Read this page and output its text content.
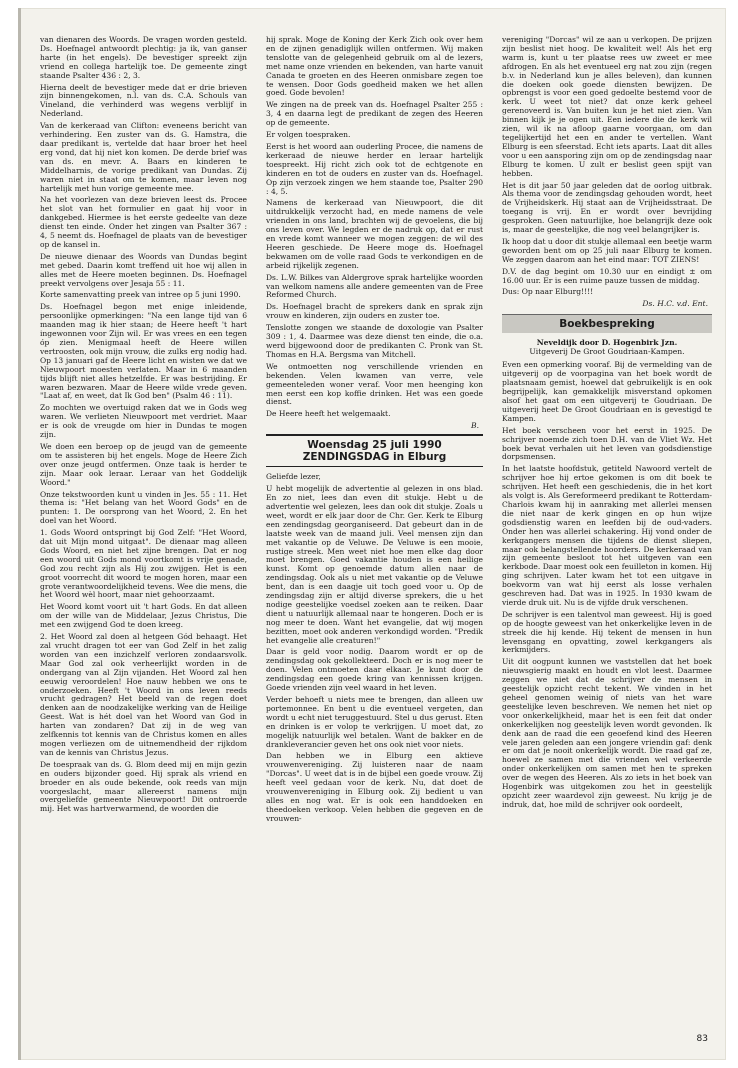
van dienaren des Woords. De vragen worden gesteld. Ds. Hoefnagel antwoordt plechtig: ja ik, van ganser harte (in het engels). De bevestiger spreekt zijn vriend en collega hartelijk toe. De gemeente zingt staande Psalter 436 : 2, 3.

Hierna deelt de bevestiger mede dat er drie brieven zijn binnengekomen, n.l. van ds. C.A. Schouls van Vineland, die verhinderd was wegens verblijf in Nederland.

Van de kerkeraad van Clifton: eveneens bericht van verhindering. Een zuster van ds. G. Hamstra, die daar predikant is, vertelde dat haar broer het heel erg vond, dat hij niet kon komen. De derde brief was van ds. en mevr. A. Baars en kinderen te Middelharnis, de vorige predikant van Dundas. Zij waren niet in staat om te komen, maar leven nog hartelijk met hun vorige gemeente mee.

Na het voorlezen van deze brieven leest ds. Procee het slot van het formulier en gaat hij voor in dankgebed. Hiermee is het eerste gedeelte van deze dienst ten einde. Onder het zingen van Psalter 367 : 4, 5 neemt ds. Hoefnagel de plaats van de bevestiger op de kansel in.

De nieuwe dienaar des Woords van Dundas begint met gebed. Daarin komt treffend uit hoe wij allen in alles met de Heere moeten beginnen. Ds. Hoefnagel preekt vervolgens over Jesaja 55 : 11.

Korte samenvatting preek van intree op 5 juni 1990.

Ds. Hoefnagel begon met enige inleidende, persoonlijke opmerkingen: "Na een lange tijd van 6 maanden mag ik hier staan; de Heere heeft 't hart ingewonnen voor Zijn wil. Er was vrees en een tegen óp zien. Menigmaal heeft de Heere willen vertroosten, ook mijn vrouw, die zulks erg nodig had. Op 13 januari gaf de Heere licht en wisten we dat we Nieuwpoort moesten verlaten. Maar in 6 maanden tijds blijft niet alles hetzelfde. Er was bestrijding. Er waren bezwaren. Maar de Heere wilde vrede geven. "Laat af, en weet, dat Ik God ben" (Psalm 46 : 11).

Zo mochten we overtuigd raken dat we in Gods weg waren. We verlieten Nieuwpoort met verdriet. Maar er is ook de vreugde om hier in Dundas te mogen zijn.

We doen een beroep op de jeugd van de gemeente om te assisteren bij het engels. Moge de Heere Zich over onze jeugd ontfermen. Onze taak is herder te zijn. Maar ook leraar. Leraar van het Goddelijk Woord."

Onze tekstwoorden kunt u vinden in Jes. 55 : 11. Het thema is: "Het belang van het Woord Gods" en de punten: 1. De oorsprong van het Woord, 2. En het doel van het Woord.

1. Gods Woord ontspringt bij God Zelf: "Het Woord, dat uit Mijn mond uitgaat". De dienaar mag alleen Gods Woord, en niet het zijne brengen. Dat er nog een woord uit Gods mond voortkomt is vrije genade, God zou recht zijn als Hij zou zwijgen. Het is een groot voorrecht dit woord te mogen horen, maar een grote verantwoordelijkheid tevens. Wee die mens, die het Woord wèl hoort, maar niet gehoorzaamt.

Het Woord komt voort uit 't hart Gods. En dat alleen om der wille van de Middelaar, Jezus Christus, Die met een zwijgend God te doen kreeg.

2. Het Woord zal doen al hetgeen Gód behaagt. Het zal vrucht dragen tot eer van God Zelf in het zalig worden van een inzichzelf verloren zondaarsvolk. Maar God zal ook verheerlijkt worden in de ondergang van al Zijn vijanden. Het Woord zal hen eeuwig veroordelen! Hoe nauw hebben we ons te onderzoeken. Heeft 't Woord in ons leven reeds vrucht gedragen? Het beeld van de regen doet denken aan de noodzakelijke werking van de Heilige Geest. Wat is hét doel van het Woord van God in harten van zondaren? Dat zij in de weg van zelfkennis tot kennis van de Christus komen en alles mogen verliezen om de uitnemendheid der rijkdom van de kennis van Christus Jezus.

De toespraak van ds. G. Blom deed mij en mijn gezin en ouders bijzonder goed. Hij sprak als vriend en broeder en als oude bekende, ook reeds van mijn voorgeslacht, maar allereerst namens mijn overgeliefde gemeente Nieuwpoort! Dit ontroerde mij. Het was hartverwarmend, de woorden die

hij sprak. Moge de Koning der Kerk Zich ook over hem en de zijnen genadiglijk willen ontfermen. Wij maken tenslotte van de gelegenheid gebruik om al de lezers, met name onze vrienden en bekenden, van harte vanuit Canada te groeten en des Heeren onmisbare zegen toe te wensen. Door Gods goedheid maken we het allen goed. Gode bevolen!

We zingen na de preek van ds. Hoefnagel Psalter 255 : 3, 4 en daarna legt de predikant de zegen des Heeren op de gemeente.

Er volgen toespraken.

Eerst is het woord aan ouderling Procee, die namens de kerkeraad de nieuwe herder en leraar hartelijk toespreekt. Hij richt zich ook tot de echtgenote en kinderen en tot de ouders en zuster van ds. Hoefnagel. Op zijn verzoek zingen we hem staande toe, Psalter 290 : 4, 5.

Namens de kerkeraad van Nieuwpoort, die dit uitdrukkelijk verzocht had, en mede namens de vele vrienden in ons land, brachten wij de gevoelens, die bij ons leven over. We legden er de nadruk op, dat er rust en vrede komt wanneer we mogen zeggen: de wil des Heeren geschiede. De Heere moge ds. Hoefnagel bekwamen om de volle raad Gods te verkondigen en de arbeid rijkelijk zegenen.

Ds. L.W. Bilkes van Aldergrove sprak hartelijke woorden van welkom namens alle andere gemeenten van de Free Reformed Church.

Ds. Hoefnagel bracht de sprekers dank en sprak zijn vrouw en kinderen, zijn ouders en zuster toe.

Tenslotte zongen we staande de doxologie van Psalter 309 : 1, 4. Daarmee was deze dienst ten einde, die o.a. werd bijgewoond door de predikanten C. Pronk van St. Thomas en H.A. Bergsma van Mitchell.

We ontmoetten nog verschillende vrienden en bekenden. Velen kwamen van verre, vele gemeenteleden woner veraf. Voor men heenging kon men eerst een kop koffie drinken. Het was een goede dienst.

De Heere heeft het welgemaakt.

B.
Woensdag 25 juli 1990
ZENDINGSDAG in Elburg

Geliefde lezer,

U hebt mogelijk de advertentie al gelezen in ons blad. En zo niet, lees dan even dit stukje. Hebt u de advertentie wel gelezen, lees dan ook dit stukje. Zoals u weet, wordt er elk jaar door de Chr. Ger. Kerk te Elburg een zendingsdag georganiseerd. Dat gebeurt dan in de laatste week van de maand juli. Veel mensen zijn dan met vakantie op de Veluwe. De Veluwe is een mooie, rustige streek. Men weet niet hoe men elke dag door moet brengen. Goed vakantie houden is een heilige kunst. Komt op genoemde datum allen naar de zendingsdag. Ook als u niet met vakantie op de Veluwe bent, dan is een daagje uit toch goed voor u. Op de zendingsdag zijn er altijd diverse sprekers, die u het nodige geestelijke voedsel zoeken aan te reiken. Daar dient u natuurlijk allemaal naar te hongeren. Doch er is nog meer te doen. Want het evangelie, dat wij mogen bezitten, moet ook anderen verkondigd worden. "Predik het evangelie alle creaturen!"

Daar is geld voor nodig. Daarom wordt er op de zendingsdag ook gekollekteerd. Doch er is nog meer te doen. Velen ontmoeten daar elkaar. Je kunt door de zendingsdag een goede kring van kennissen krijgen. Goede vrienden zijn veel waard in het leven.

Verder behoeft u niets mee te brengen, dan alleen uw portemonnee. En bent u die eventueel vergeten, dan wordt u echt niet teruggestuurd. Stel u dus gerust. Eten en drinken is er volop te verkrijgen. U moet dat, zo mogelijk natuurlijk wel betalen. Want de bakker en de drankleverancier geven het ons ook niet voor niets.

Dan hebben we in Elburg een aktieve vrouwenvereniging. Zij luisteren naar de naam "Dorcas". U weet dat is in de bijbel een goede vrouw. Zij heeft veel gedaan voor de kerk. Nu, dat doet de vrouwenvereniging in Elburg ook. Zij bedient u van alles en nog wat. Er is ook een handdoeken en theedoeken verkoop. Velen hebben die gegeven en de vrouwen-

vereniging "Dorcas" wil ze aan u verkopen. De prijzen zijn beslist niet hoog. De kwaliteit wel! Als het erg warm is, kunt u ter plaatse rees uw zweet er mee afdrogen. En als het eventueel erg nat zou zijn (regen b.v. in Nederland kun je alles beleven), dan kunnen die doeken ook goede diensten bewijzen. De opbrengst is voor een goed gedoelte bestemd voor de kerk. U weet tot niet? dat onze kerk geheel gerenoveerd is. Van buiten kun je het niet zien. Van binnen kijk je je ogen uit. Een iedere die de kerk wil zien, wil ik na afloop gaarne voorgaan, om dan tegelijkertijd het een en ander te vertellen. Want Elburg is een sfeerstad. Echt iets aparts. Laat dit alles voor u een aansporing zijn om op de zendingsdag naar Elburg te komen. U zult er beslist geen spijt van hebben.

Het is dit jaar 50 jaar geleden dat de oorlog uitbrak. Als thema voor de zendingsdag gehouden wordt, heet de Vrijheidskerk. Hij staat aan de Vrijheidsstraat. De toegang is vrij. En er wordt over bevrijding gesproken. Geen natuurlijke, hoe belangrijk deze ook is, maar de geestelijke, die nog veel belangrijker is.

Ik hoop dat u door dit stukje allemaal een beetje warm geworden bent om op 25 juli naar Elburg te komen. We zeggen daarom aan het eind maar: TOT ZIENS!

D.V. de dag begint om 10.30 uur en eindigt ± om 16.00 uur. Er is een ruime pauze tussen de middag.

Dus: Op naar Elburg!!!!

Ds. H.C. v.d. Ent.
Boekbespreking
Neveldijk door D. Hogenbirk Jzn.
Uitgeverij De Groot Goudriaan-Kampen.

Even een opmerking vooraf. Bij de vermelding van de uitgeverij op de voorpagina van het boek wordt de plaatsnaam gemist, hoewel dat gebruikelijk is en ook begrijpelijk, kan gemakkelijk misverstand opkomen alsof het gaat om een uitgeverij te Goudriaan. De uitgeverij heet De Groot Goudriaan en is gevestigd te Kampen.

Het boek verscheen voor het eerst in 1925. De schrijver noemde zich toen D.H. van de Vliet Wz. Het boek bevat verhalen uit het leven van godsdienstige dorpsmensen.

In het laatste hoofdstuk, getiteld Nawoord vertelt de schrijver hoe hij ertoe gekomen is om dit boek te schrijven. Het heeft een geschiedenis, die in het kort als volgt is. Als Gereformeerd predikant te Rotterdam-Charlois kwam hij in aanraking met allerlei mensen die niet naar de kerk gingen en op hun wijze godsdienstig waren en leefden bij de oud-vaders. Onder hen was allerlei schakering. Hij vond onder de kerkgangers mensen die tijdens de dienst sliepen, maar ook belangstellende hoorders. De kerkeraad van zijn gemeente besloot tot het uitgeven van een kerkbode. Daar moest ook een feuilleton in komen. Hij ging schrijven. Later kwam het tot een uitgave in boekvorm van wat hij eerst als losse verhalen geschreven had. Dat was in 1925. In 1930 kwam de vierde druk uit. Nu is de vijfde druk verschenen.

De schrijver is een talentvol man geweest. Hij is goed op de hoogte geweest van het onkerkelijke leven in de streek die hij kende. Hij tekent de mensen in hun levensgang en opvatting, zowel kerkgangers als kerkmijders.

Uit dit oogpunt kunnen we vaststellen dat het boek nieuwsgierig maakt en houdt en vlot leest. Daarmee zeggen we niet dat de schrijver de mensen in geestelijk opzicht recht tekent. We vinden in het geheel genomen weinig of niets van het ware geestelijke leven beschreven. We nemen het niet op voor onkerkelijkheid, maar het is een feit dat onder onkerkelijken nog geestelijk leven wordt gevonden. Ik denk aan de raad die een geoefend kind des Heeren vele jaren geleden aan een jongere vriendin gaf: denk er om dat je nooit onkerkelijk wordt. Die raad gaf ze, hoewel ze samen met die vrienden wel verkeerde onder onkerkelijken om samen met hen te spreken over de wegen des Heeren. Als zo iets in het boek van Hogenbirk was uitgekomen zou het in geestelijk opzicht zeer waardevol zijn geweest. Nu krijg je de indruk, dat, hoe mild de schrijver ook oordeelt,

83
